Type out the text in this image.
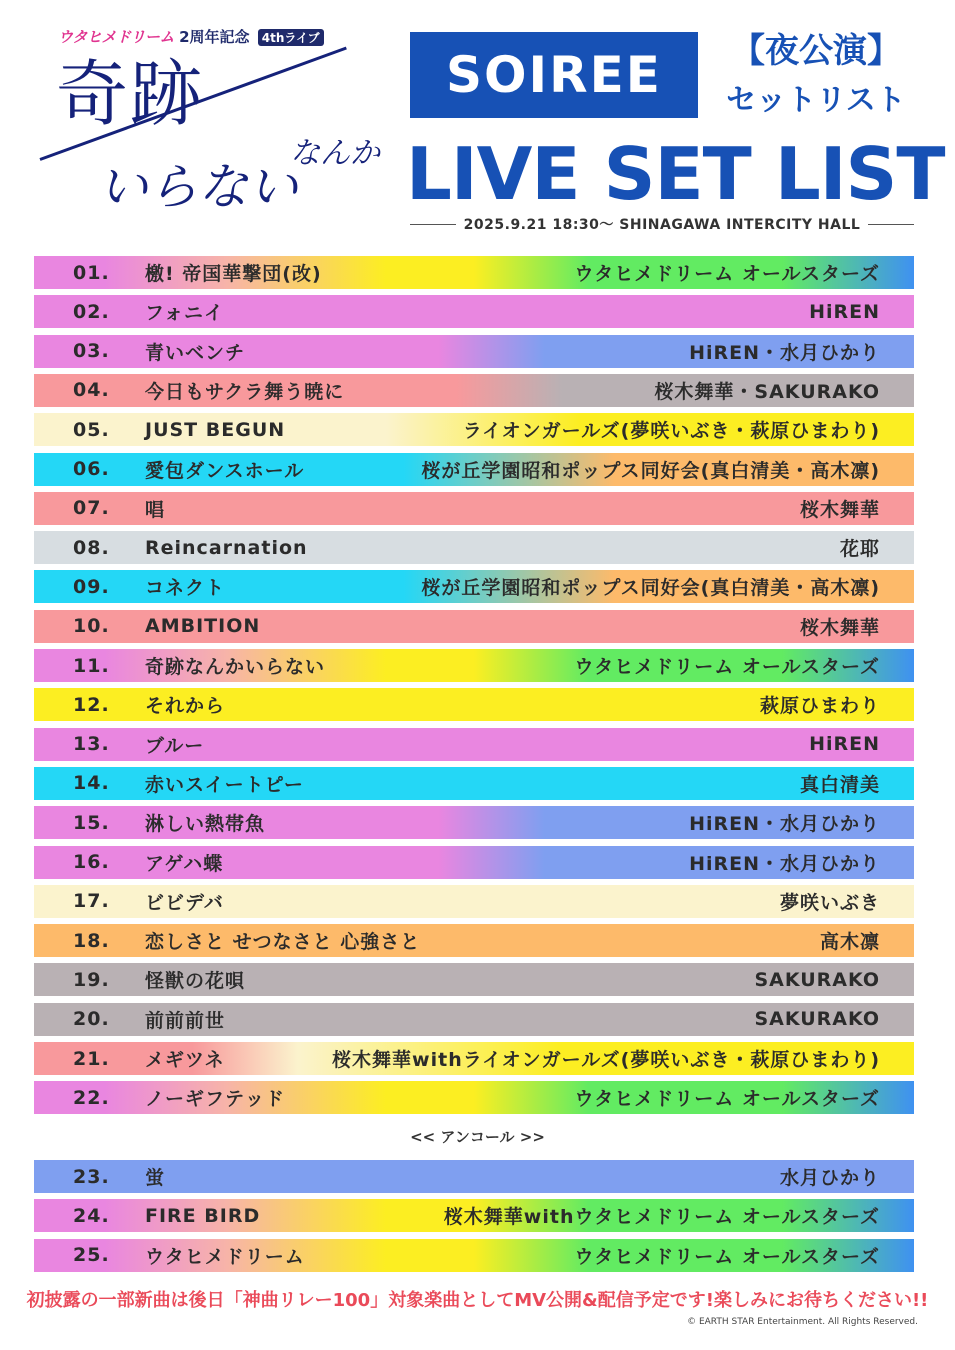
ウタヒメドリーム 2周年記念 4thライブ
奇跡
なんか
いらない
SOIREE	【夜公演】
セットリスト
LIVE SET LIST
2025.9.21 18:30〜 SHINAGAWA INTERCITY HALL
01.	檄! 帝国華撃団(改)	ウタヒメドリーム オールスターズ
02.	フォニイ	HiREN
03.	青いベンチ	HiREN・水月ひかり
04.	今日もサクラ舞う暁に	桜木舞華・SAKURAKO
05.	JUST BEGUN	ライオンガールズ(夢咲いぶき・萩原ひまわり)
06.	愛包ダンスホール	桜が丘学園昭和ポップス同好会(真白清美・高木凛)
07.	唱	桜木舞華
08.	Reincarnation	花耶
09.	コネクト	桜が丘学園昭和ポップス同好会(真白清美・高木凛)
10.	AMBITION	桜木舞華
11.	奇跡なんかいらない	ウタヒメドリーム オールスターズ
12.	それから	萩原ひまわり
13.	ブルー	HiREN
14.	赤いスイートピー	真白清美
15.	淋しい熱帯魚	HiREN・水月ひかり
16.	アゲハ蝶	HiREN・水月ひかり
17.	ビビデバ	夢咲いぶき
18.	恋しさと せつなさと 心強さと	高木凛
19.	怪獣の花唄	SAKURAKO
20.	前前前世	SAKURAKO
21.	メギツネ	桜木舞華withライオンガールズ(夢咲いぶき・萩原ひまわり)
22.	ノーギフテッド	ウタヒメドリーム オールスターズ
23.	蛍	水月ひかり
24.	FIRE BIRD	桜木舞華withウタヒメドリーム オールスターズ
25.	ウタヒメドリーム	ウタヒメドリーム オールスターズ
<< アンコール >>
初披露の一部新曲は後日「神曲リレー100」対象楽曲としてMV公開&配信予定です!楽しみにお待ちください!!
© EARTH STAR Entertainment. All Rights Reserved.
